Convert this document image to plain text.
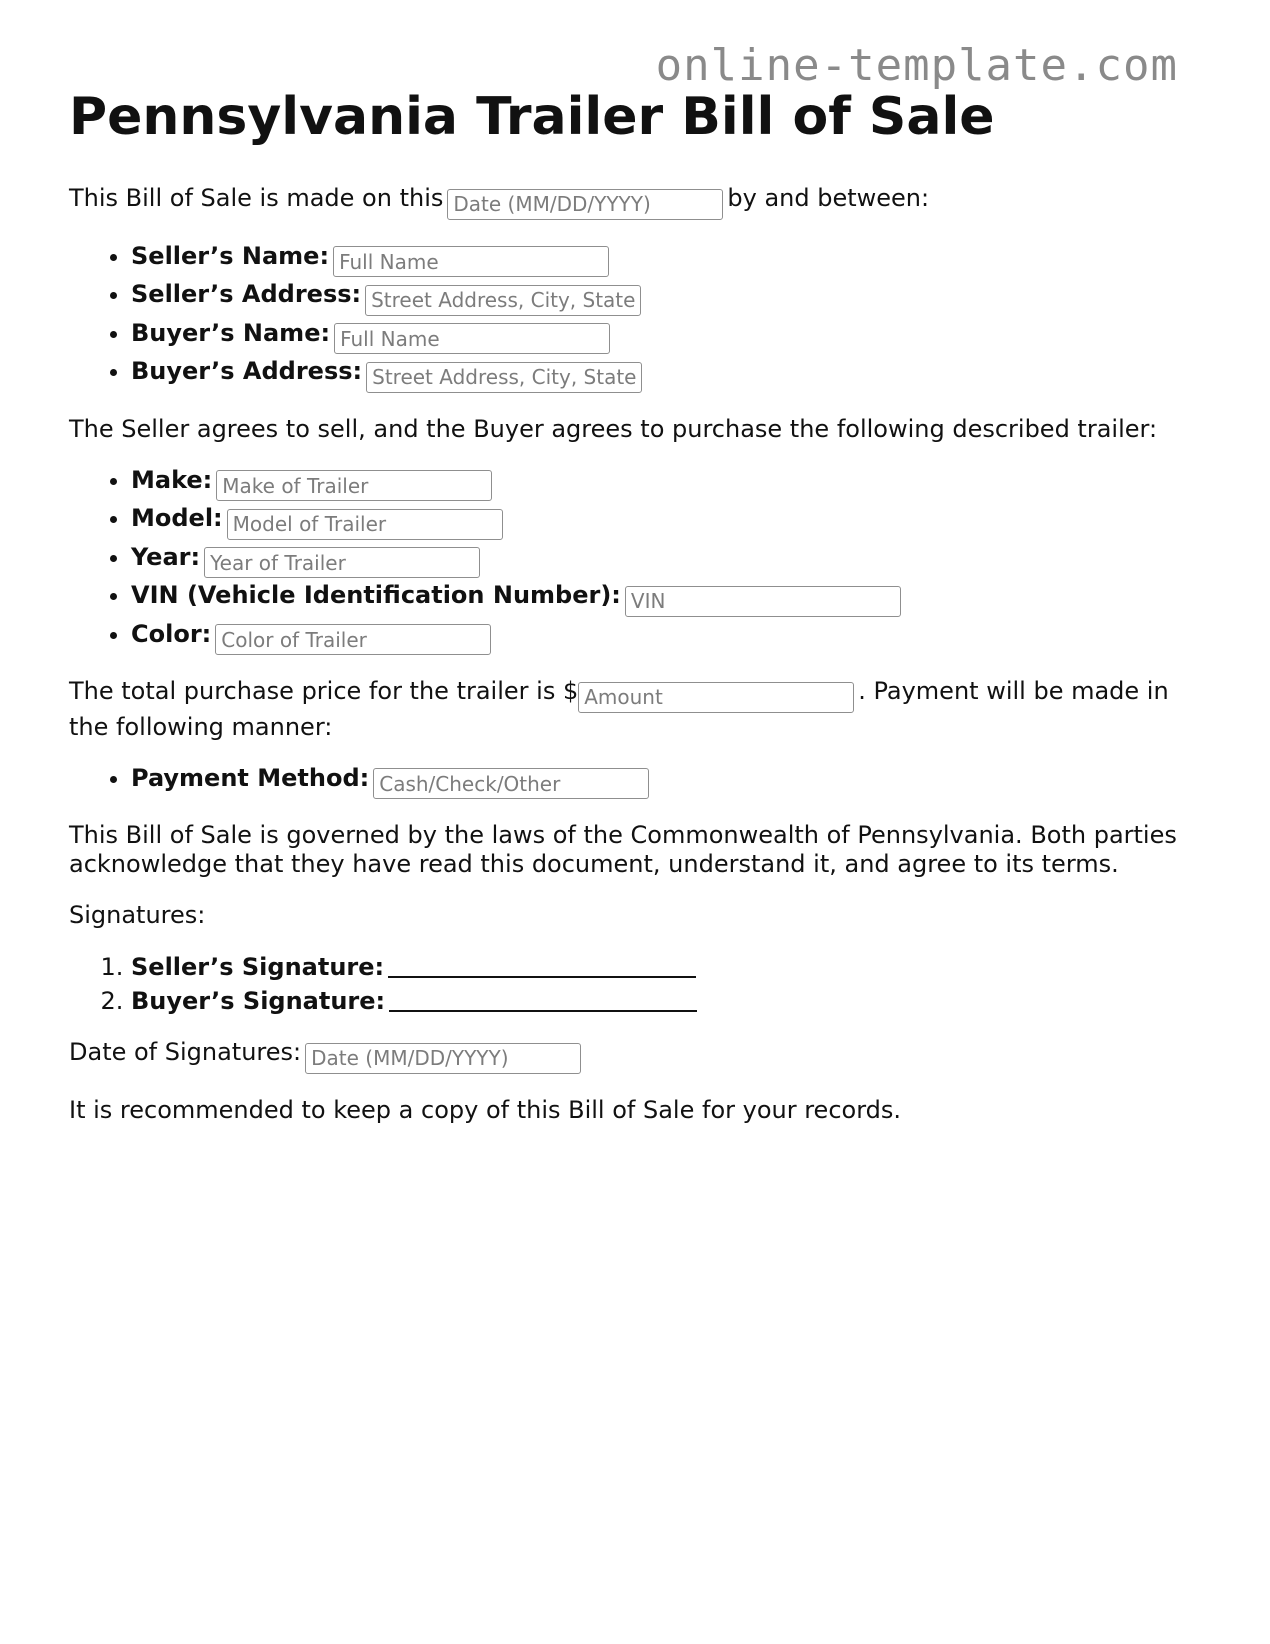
online-template.com
Pennsylvania Trailer Bill of Sale

This Bill of Sale is made on thisDate (MM/DD/YYYY)	by and between:

• Seller’s Name:Full Name
• Seller’s Address:Street Address, City, State
• Buyer’s Name:Full Name
• Buyer’s Address:Street Address, City, State

The Seller agrees to sell, and the Buyer agrees to purchase the following described trailer:

• Make:Make of Trailer
• Model:Model of Trailer
• Year:Year of Trailer
• VIN (Vehicle Identification Number):VIN
• Color:Color of Trailer

The total purchase price for the trailer is $Amount	. Payment will be made in the following manner:

• Payment Method:Cash/Check/Other

This Bill of Sale is governed by the laws of the Commonwealth of Pennsylvania. Both parties acknowledge that they have read this document, understand it, and agree to its terms.

Signatures:

1. Seller’s Signature:
2. Buyer’s Signature:

Date of Signatures:Date (MM/DD/YYYY)

It is recommended to keep a copy of this Bill of Sale for your records.
